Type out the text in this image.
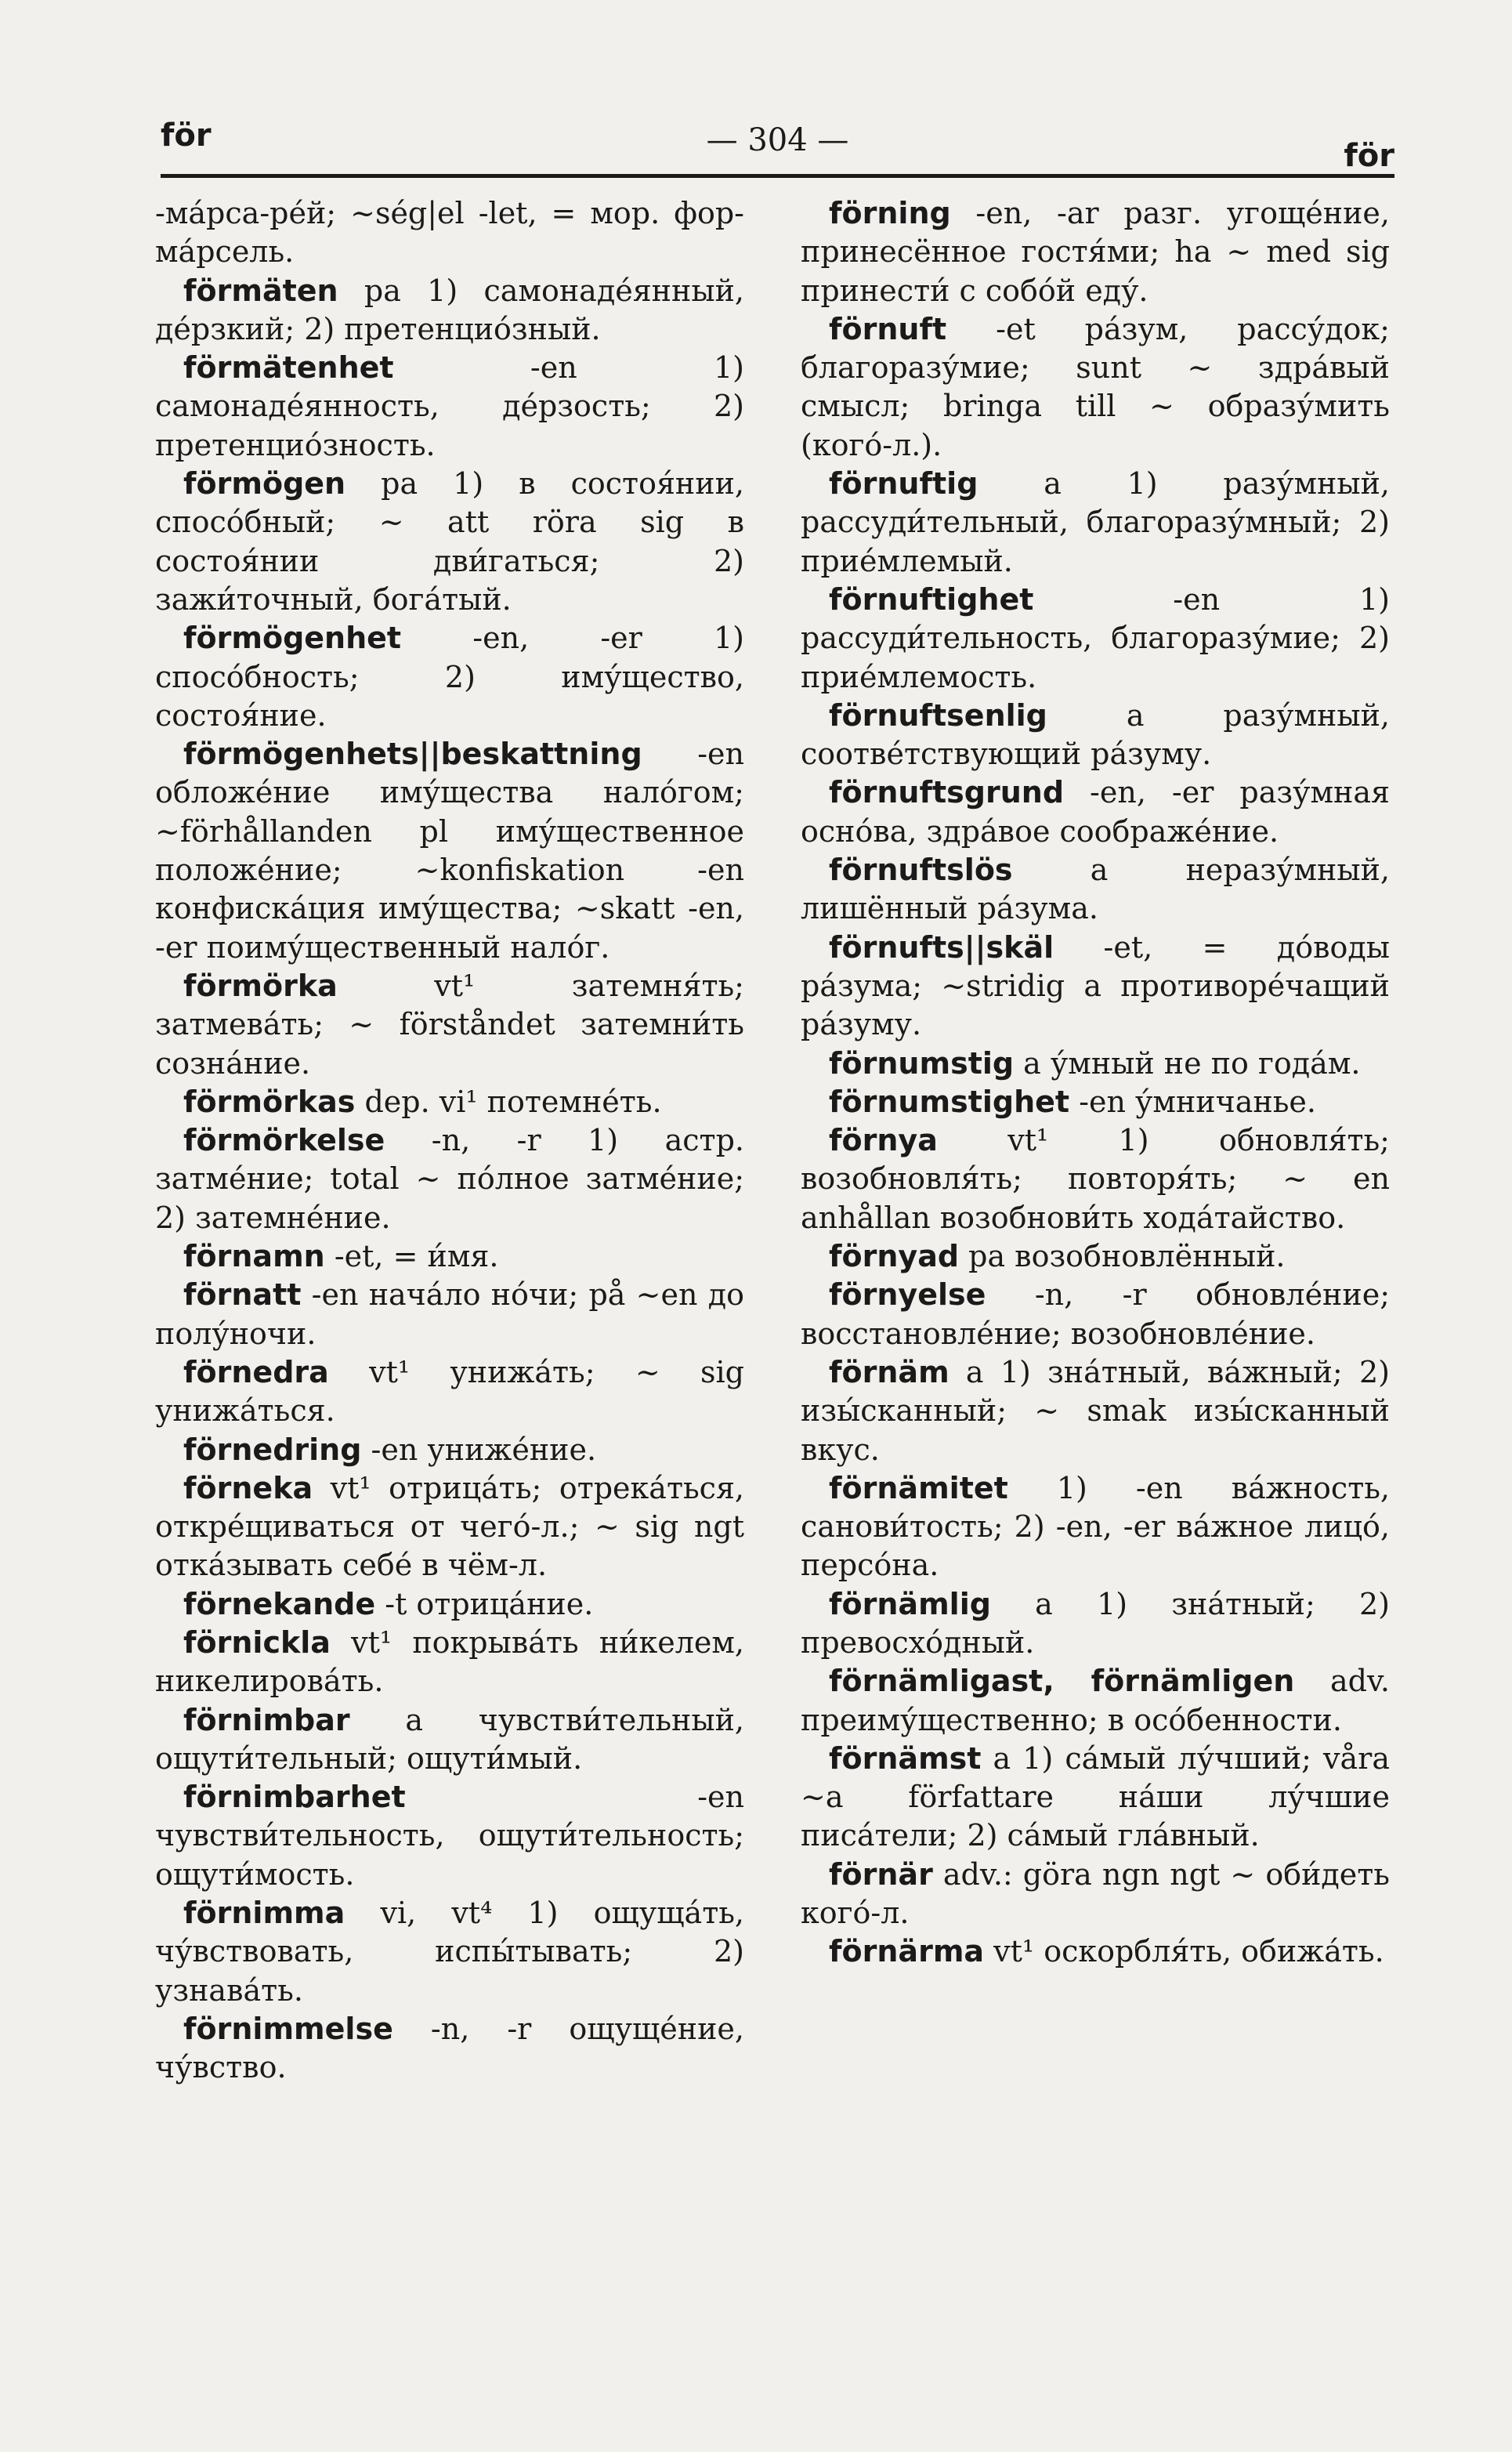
för	— 304 —	för

-ма́рса-ре́й; ~ség|el -let, = мор. фор-ма́рсель.

förmäten pa 1) самонаде́янный, де́рзкий; 2) претенцио́зный.

förmätenhet -en 1) самонаде́янность, де́рзость; 2) претенцио́зность.

förmögen pa 1) в состоя́нии, спосо́бный; ~ att röra sig в состоя́нии дви́гаться; 2) зажи́точный, бога́тый.

förmögenhet -en, -er 1) спосо́бность; 2) иму́щество, состоя́ние.

förmögenhets||beskattning -en обложе́ние иму́щества нало́гом; ~förhållanden pl иму́щественное положе́ние; ~konfiskation -en конфиска́ция иму́щества; ~skatt -en, -er поиму́щественный нало́г.

förmörka vt¹ затемня́ть; затмева́ть; ~ förståndet затемни́ть созна́ние.

förmörkas dep. vi¹ потемне́ть.

förmörkelse -n, -r 1) астр. затме́ние; total ~ по́лное затме́ние; 2) затемне́ние.

förnamn -et, = и́мя.

förnatt -en нача́ло но́чи; på ~en до полу́ночи.

förnedra vt¹ унижа́ть; ~ sig унижа́ться.

förnedring -en униже́ние.

förneka vt¹ отрица́ть; отрека́ться, откре́щиваться от чего́-л.; ~ sig ngt отка́зывать себе́ в чём-л.

förnekande -t отрица́ние.

förnickla vt¹ покрыва́ть ни́келем, никелирова́ть.

förnimbar a чувстви́тельный, ощути́тельный; ощути́мый.

förnimbarhet -en чувстви́тельность, ощути́тельность; ощути́мость.

förnimma vi, vt⁴ 1) ощуща́ть, чу́вствовать, испы́тывать; 2) узнава́ть.

förnimmelse -n, -r ощуще́ние, чу́вство.

förning -en, -ar разг. угоще́ние, принесённое гостя́ми; ha ~ med sig принести́ с собо́й еду́.

förnuft -et ра́зум, рассу́док; благоразу́мие; sunt ~ здра́вый смысл; bringa till ~ образу́мить (кого́-л.).

förnuftig a 1) разу́мный, рассуди́тельный, благоразу́мный; 2) прие́млемый.

förnuftighet -en 1) рассуди́тельность, благоразу́мие; 2) прие́млемость.

förnuftsenlig a разу́мный, соотве́тствующий ра́зуму.

förnuftsgrund -en, -er разу́мная осно́ва, здра́вое соображе́ние.

förnuftslös a неразу́мный, лишённый ра́зума.

förnufts||skäl -et, = до́воды ра́зума; ~stridig a противоре́чащий ра́зуму.

förnumstig a у́мный не по года́м.

förnumstighet -en у́мничанье.

förnya vt¹ 1) обновля́ть; возобновля́ть; повторя́ть; ~ en anhållan возобнови́ть хода́тайство.

förnyad pa возобновлённый.

förnyelse -n, -r обновле́ние; восстановле́ние; возобновле́ние.

förnäm a 1) зна́тный, ва́жный; 2) изы́сканный; ~ smak изы́сканный вкус.

förnämitet 1) -en ва́жность, санови́тость; 2) -en, -er ва́жное лицо́, персо́на.

förnämlig a 1) зна́тный; 2) превосхо́дный.

förnämligast, förnämligen adv. преиму́щественно; в осо́бенности.

förnämst a 1) са́мый лу́чший; våra ~a författare на́ши лу́чшие писа́тели; 2) са́мый гла́вный.

förnär adv.: göra ngn ngt ~ оби́деть кого́-л.

förnärma vt¹ оскорбля́ть, обижа́ть.
